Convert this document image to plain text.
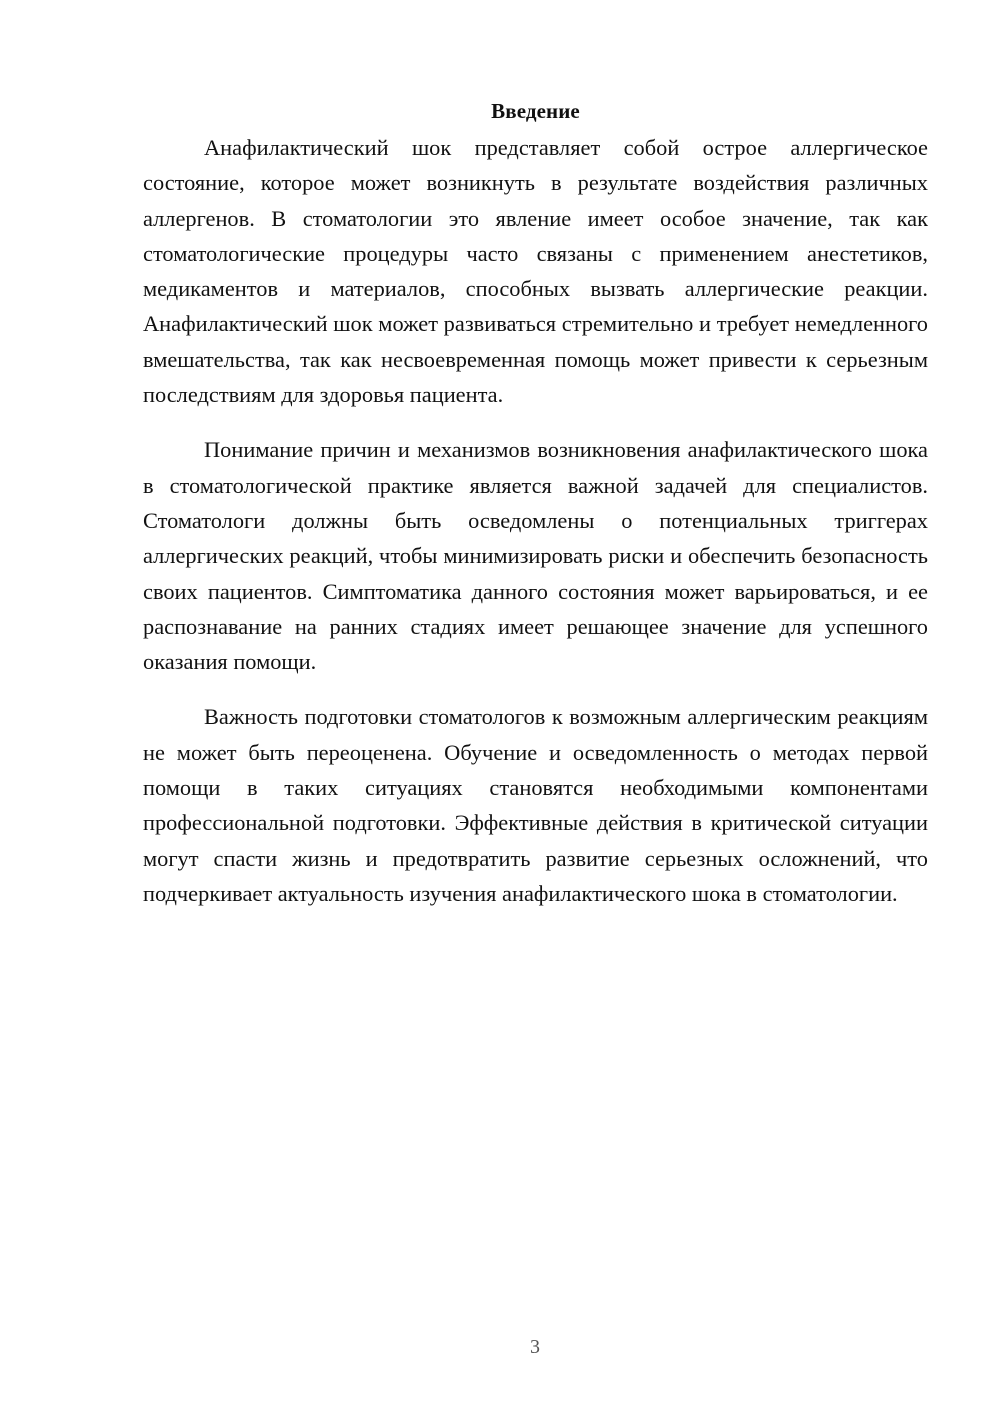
Введение

Анафилактический шок представляет собой острое аллергическое состояние, которое может возникнуть в результате воздействия различных аллергенов. В стоматологии это явление имеет особое значение, так как стоматологические процедуры часто связаны с применением анестетиков, медикаментов и материалов, способных вызвать аллергические реакции. Анафилактический шок может развиваться стремительно и требует немедленного вмешательства, так как несвоевременная помощь может привести к серьезным последствиям для здоровья пациента.

Понимание причин и механизмов возникновения анафилактического шока в стоматологической практике является важной задачей для специалистов. Стоматологи должны быть осведомлены о потенциальных триггерах аллергических реакций, чтобы минимизировать риски и обеспечить безопасность своих пациентов. Симптоматика данного состояния может варьироваться, и ее распознавание на ранних стадиях имеет решающее значение для успешного оказания помощи.

Важность подготовки стоматологов к возможным аллергическим реакциям не может быть переоценена. Обучение и осведомленность о методах первой помощи в таких ситуациях становятся необходимыми компонентами профессиональной подготовки. Эффективные действия в критической ситуации могут спасти жизнь и предотвратить развитие серьезных осложнений, что подчеркивает актуальность изучения анафилактического шока в стоматологии.

3
